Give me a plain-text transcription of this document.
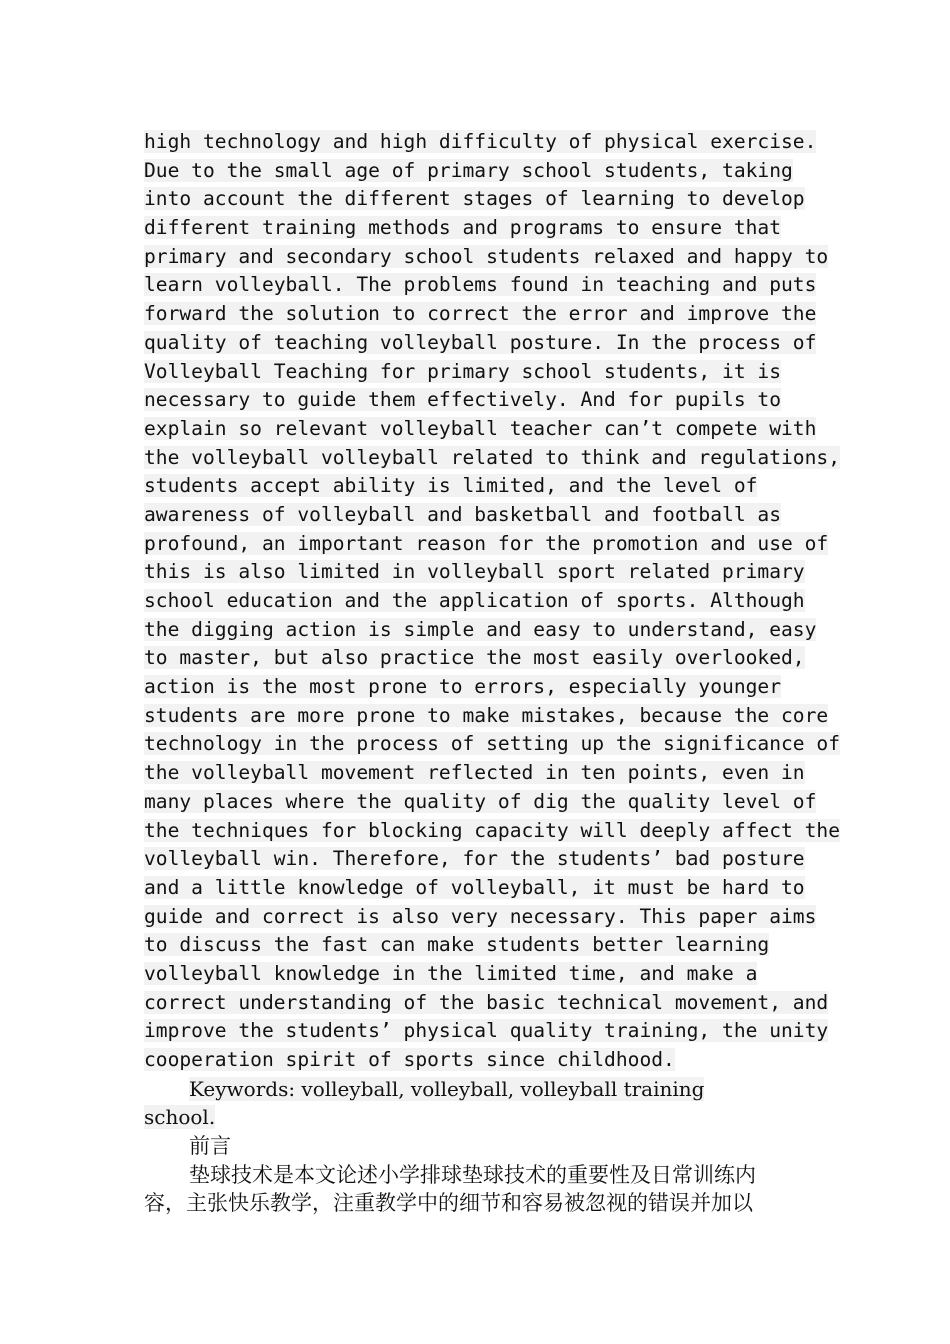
high technology and high difficulty of physical exercise.
Due to the small age of primary school students, taking
into account the different stages of learning to develop
different training methods and programs to ensure that
primary and secondary school students relaxed and happy to
learn volleyball. The problems found in teaching and puts
forward the solution to correct the error and improve the
quality of teaching volleyball posture. In the process of
Volleyball Teaching for primary school students, it is
necessary to guide them effectively. And for pupils to
explain so relevant volleyball teacher can’t compete with
the volleyball volleyball related to think and regulations,
students accept ability is limited, and the level of
awareness of volleyball and basketball and football as
profound, an important reason for the promotion and use of
this is also limited in volleyball sport related primary
school education and the application of sports. Although
the digging action is simple and easy to understand, easy
to master, but also practice the most easily overlooked,
action is the most prone to errors, especially younger
students are more prone to make mistakes, because the core
technology in the process of setting up the significance of
the volleyball movement reflected in ten points, even in
many places where the quality of dig the quality level of
the techniques for blocking capacity will deeply affect the
volleyball win. Therefore, for the students’ bad posture
and a little knowledge of volleyball, it must be hard to
guide and correct is also very necessary. This paper aims
to discuss the fast can make students better learning
volleyball knowledge in the limited time, and make a
correct understanding of the basic technical movement, and
improve the students’ physical quality training, the unity
cooperation spirit of sports since childhood.
Keywords: volleyball, volleyball, volleyball training
school.
前言
垫球技术是本文论述小学排球垫球技术的重要性及日常训练内
容，主张快乐教学，注重教学中的细节和容易被忽视的错误并加以
